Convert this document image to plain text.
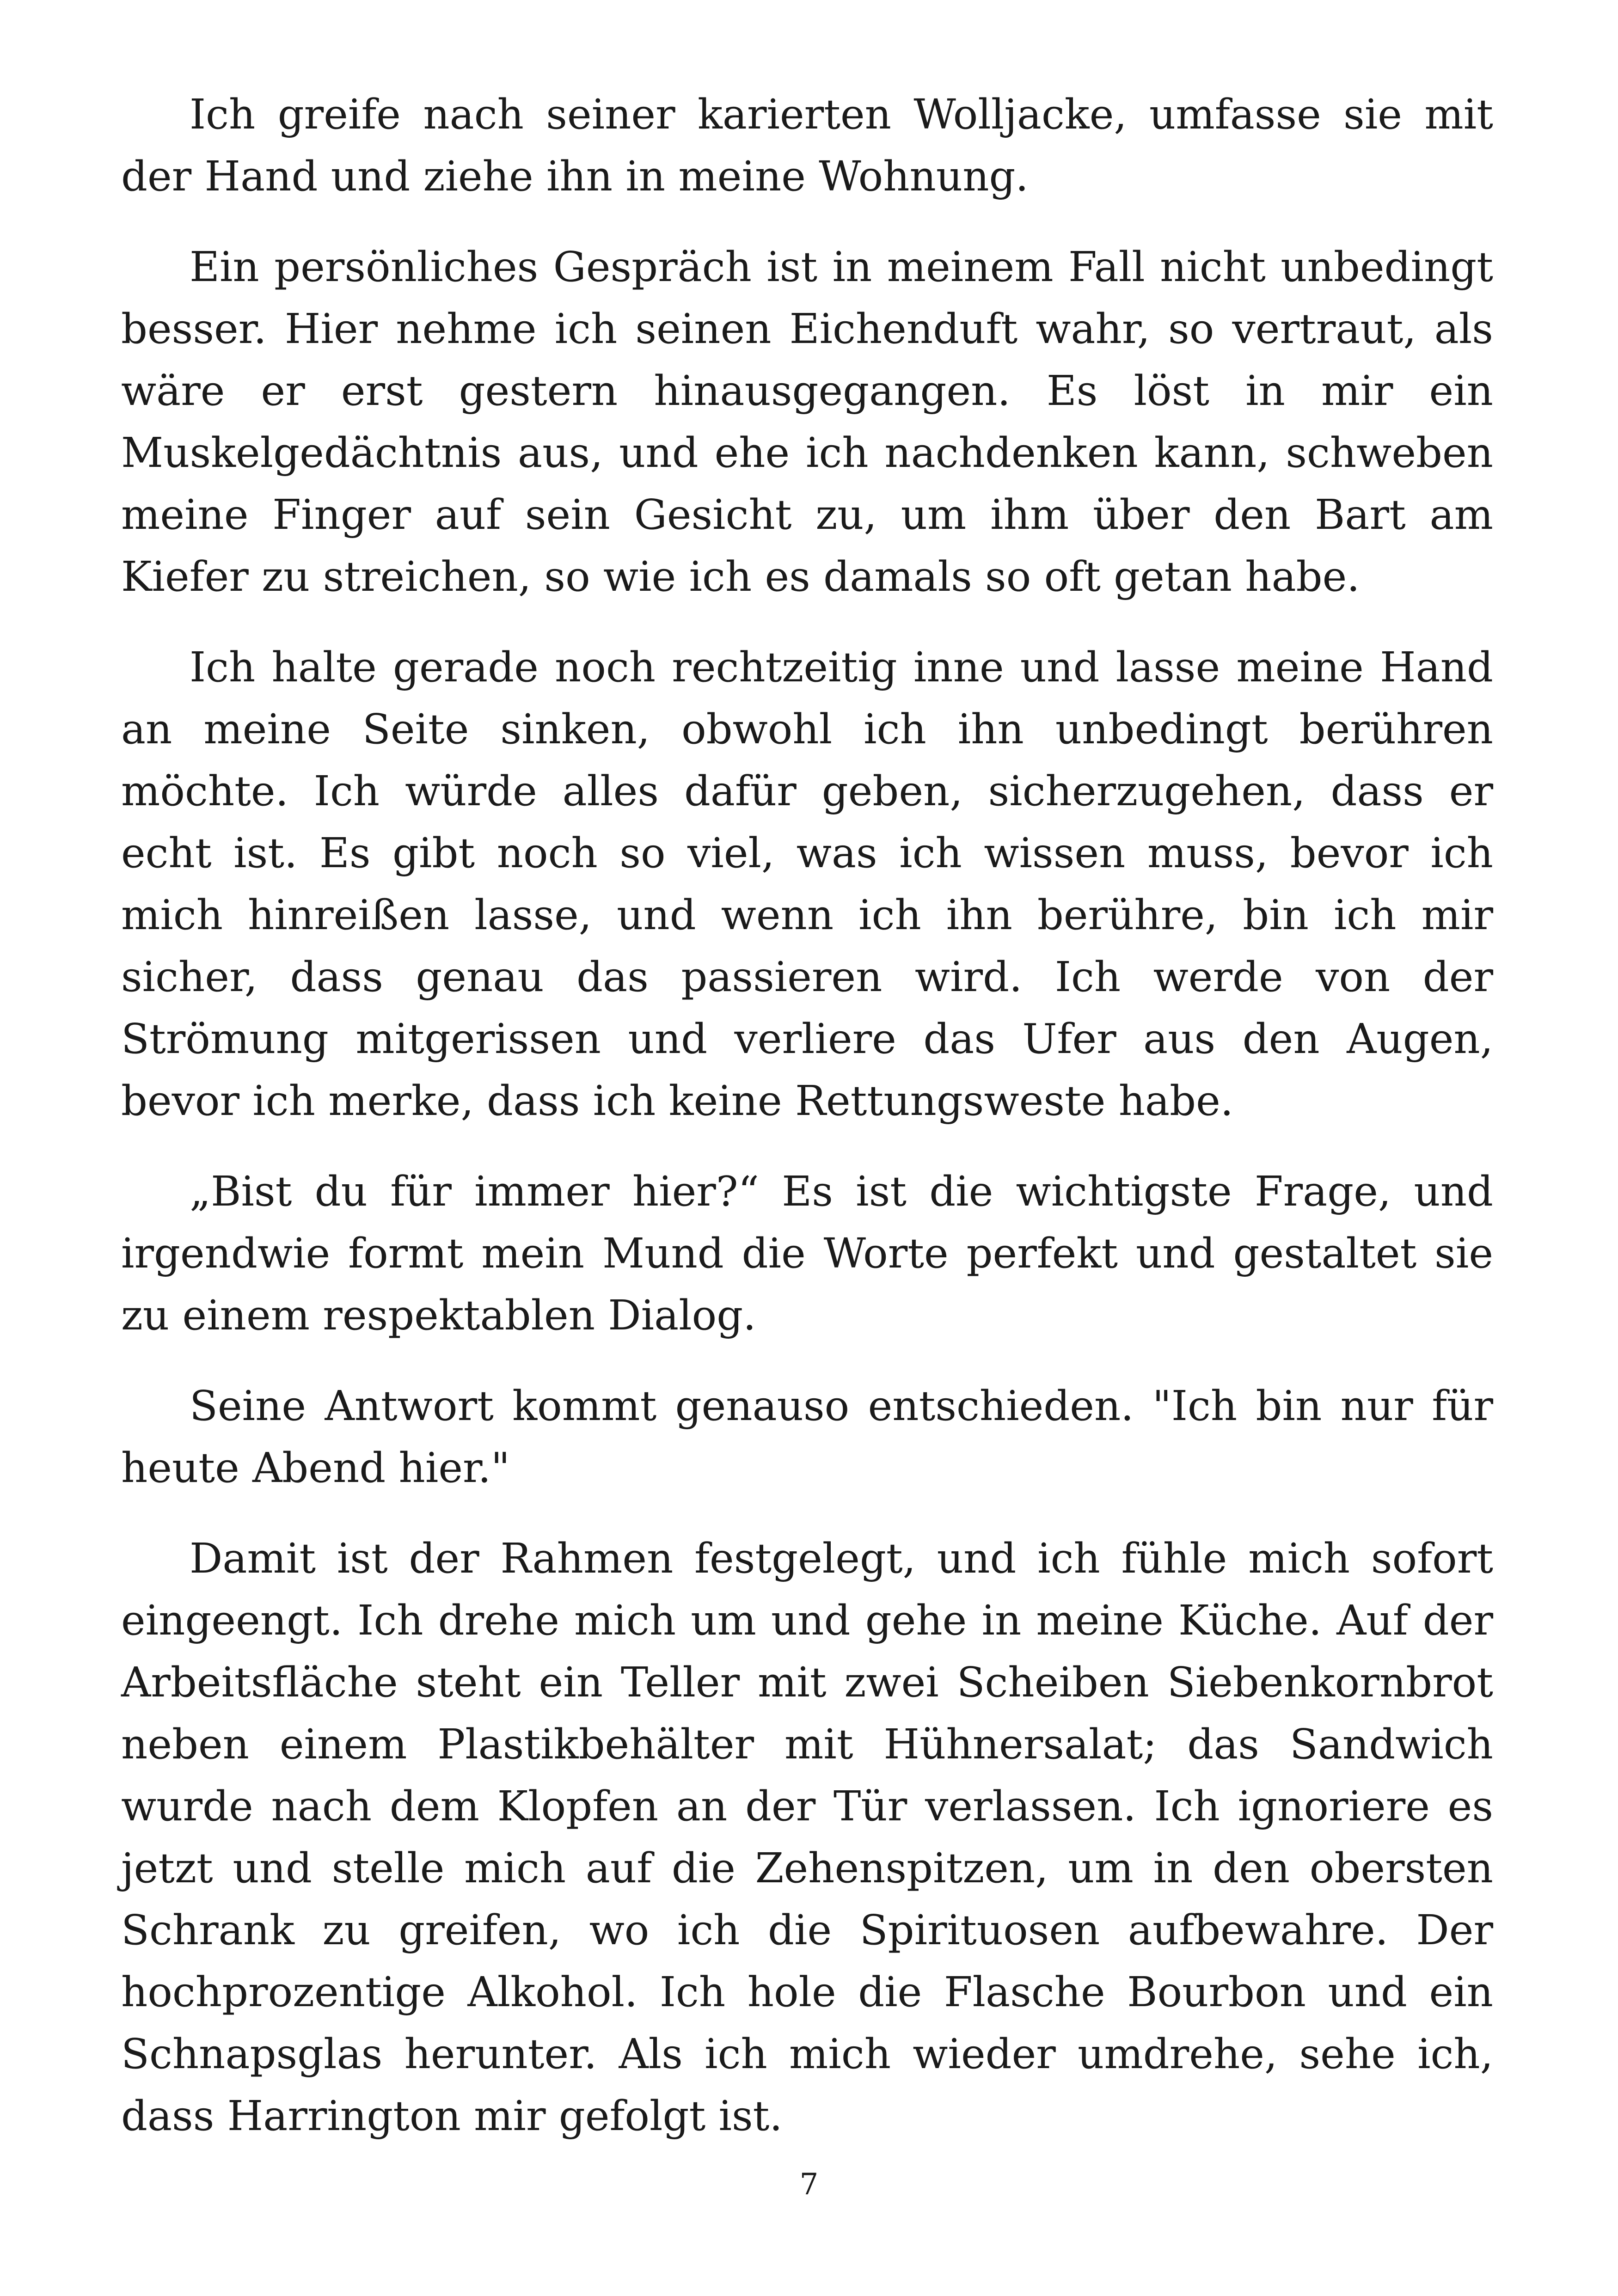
Ich greife nach seiner karierten Wolljacke, umfasse sie mit der Hand und ziehe ihn in meine Wohnung.

Ein persönliches Gespräch ist in meinem Fall nicht unbedingt besser. Hier nehme ich seinen Eichenduft wahr, so vertraut, als wäre er erst gestern hinausgegangen. Es löst in mir ein Muskelgedächtnis aus, und ehe ich nachdenken kann, schweben meine Finger auf sein Gesicht zu, um ihm über den Bart am Kiefer zu streichen, so wie ich es damals so oft getan habe.

Ich halte gerade noch rechtzeitig inne und lasse meine Hand an meine Seite sinken, obwohl ich ihn unbedingt berühren möchte. Ich würde alles dafür geben, sicherzugehen, dass er echt ist. Es gibt noch so viel, was ich wissen muss, bevor ich mich hinreißen lasse, und wenn ich ihn berühre, bin ich mir sicher, dass genau das passieren wird. Ich werde von der Strömung mitgerissen und verliere das Ufer aus den Augen, bevor ich merke, dass ich keine Rettungsweste habe.

„Bist du für immer hier?“ Es ist die wichtigste Frage, und irgendwie formt mein Mund die Worte perfekt und gestaltet sie zu einem respektablen Dialog.

Seine Antwort kommt genauso entschieden. "Ich bin nur für heute Abend hier."

Damit ist der Rahmen festgelegt, und ich fühle mich sofort eingeengt. Ich drehe mich um und gehe in meine Küche. Auf der Arbeitsfläche steht ein Teller mit zwei Scheiben Siebenkornbrot neben einem Plastikbehälter mit Hühnersalat; das Sandwich wurde nach dem Klopfen an der Tür verlassen. Ich ignoriere es jetzt und stelle mich auf die Zehenspitzen, um in den obersten Schrank zu greifen, wo ich die Spirituosen aufbewahre. Der hochprozentige Alkohol. Ich hole die Flasche Bourbon und ein Schnapsglas herunter. Als ich mich wieder umdrehe, sehe ich, dass Harrington mir gefolgt ist.

7
